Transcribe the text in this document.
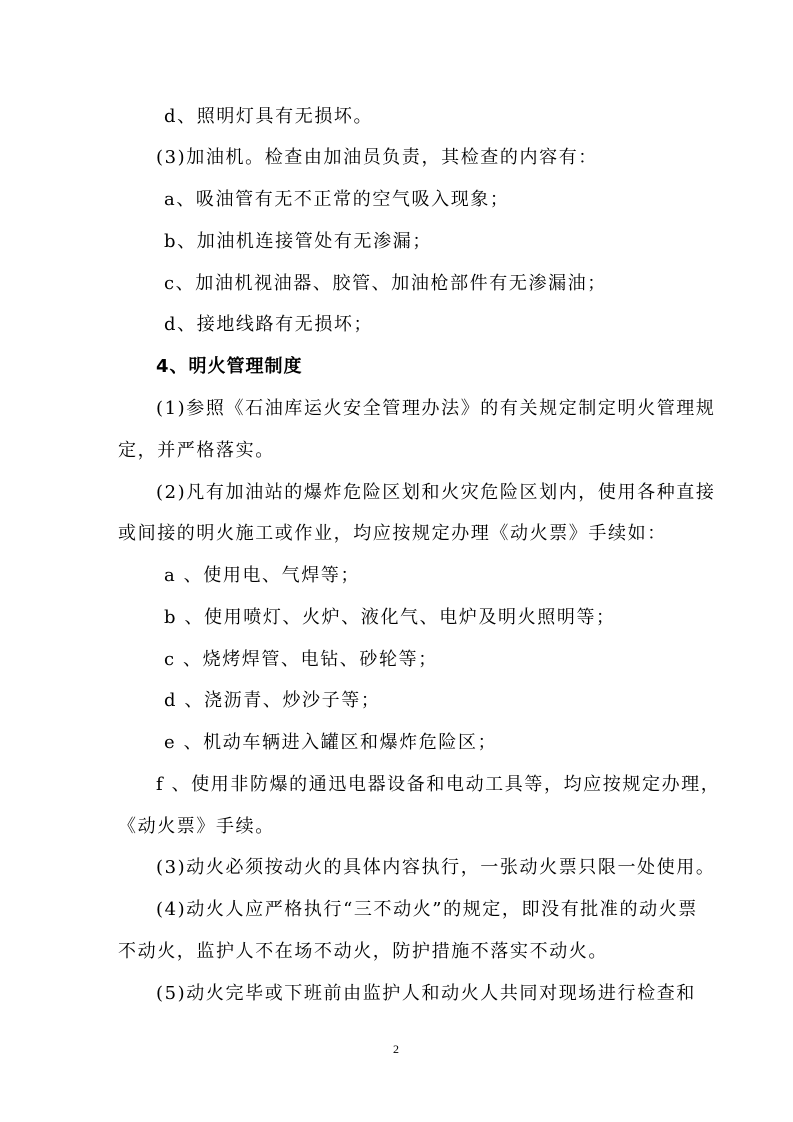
d、照明灯具有无损坏。
(3)加油机。检查由加油员负责，其检查的内容有：
a、吸油管有无不正常的空气吸入现象；
b、加油机连接管处有无渗漏；
c、加油机视油器、胶管、加油枪部件有无渗漏油；
d、接地线路有无损坏；
4、明火管理制度
(1)参照《石油库运火安全管理办法》的有关规定制定明火管理规
定，并严格落实。
(2)凡有加油站的爆炸危险区划和火灾危险区划内，使用各种直接
或间接的明火施工或作业，均应按规定办理《动火票》手续如：
a 、使用电、气焊等；
b 、使用喷灯、火炉、液化气、电炉及明火照明等；
c 、烧烤焊管、电钻、砂轮等；
d 、浇沥青、炒沙子等；
e 、机动车辆进入罐区和爆炸危险区；
f 、使用非防爆的通迅电器设备和电动工具等，均应按规定办理，
《动火票》手续。
(3)动火必须按动火的具体内容执行，一张动火票只限一处使用。
(4)动火人应严格执行“三不动火”的规定，即没有批准的动火票
不动火，监护人不在场不动火，防护措施不落实不动火。
(5)动火完毕或下班前由监护人和动火人共同对现场进行检查和
2
